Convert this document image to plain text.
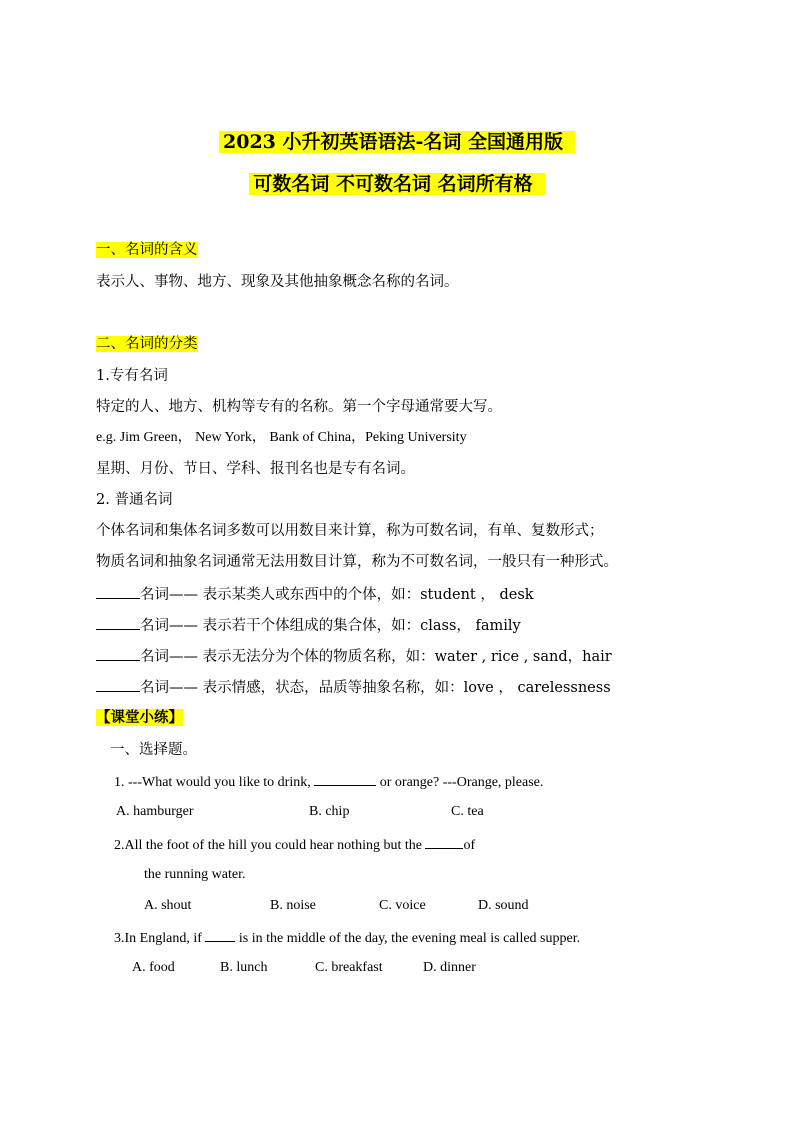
2023 小升初英语语法-名词 全国通用版
可数名词 不可数名词 名词所有格
一、名词的含义
表示人、事物、地方、现象及其他抽象概念名称的名词。
二、名词的分类
1.专有名词
特定的人、地方、机构等专有的名称。第一个字母通常要大写。
e.g. Jim Green， New York， Bank of China，Peking University
星期、月份、节日、学科、报刊名也是专有名词。
2. 普通名词
个体名词和集体名词多数可以用数目来计算，称为可数名词，有单、复数形式；
物质名词和抽象名词通常无法用数目计算，称为不可数名词，一般只有一种形式。
名词—— 表示某类人或东西中的个体，如：student ， desk
名词—— 表示若干个体组成的集合体，如：class， family
名词—— 表示无法分为个体的物质名称，如：water , rice , sand，hair
名词—— 表示情感，状态，品质等抽象名称，如：love ， carelessness
【课堂小练】
一、选择题。
1. ---What would you like to drink,	or orange? ---Orange, please.
A. hamburger	B. chip	C. tea
2.All the foot of the hill you could hear nothing but the	of
the running water.
A. shout	B. noise	C. voice	D. sound
3.In England, if  is in the middle of the day, the evening meal is called supper.
A. food	B. lunch	C. breakfast	D. dinner
